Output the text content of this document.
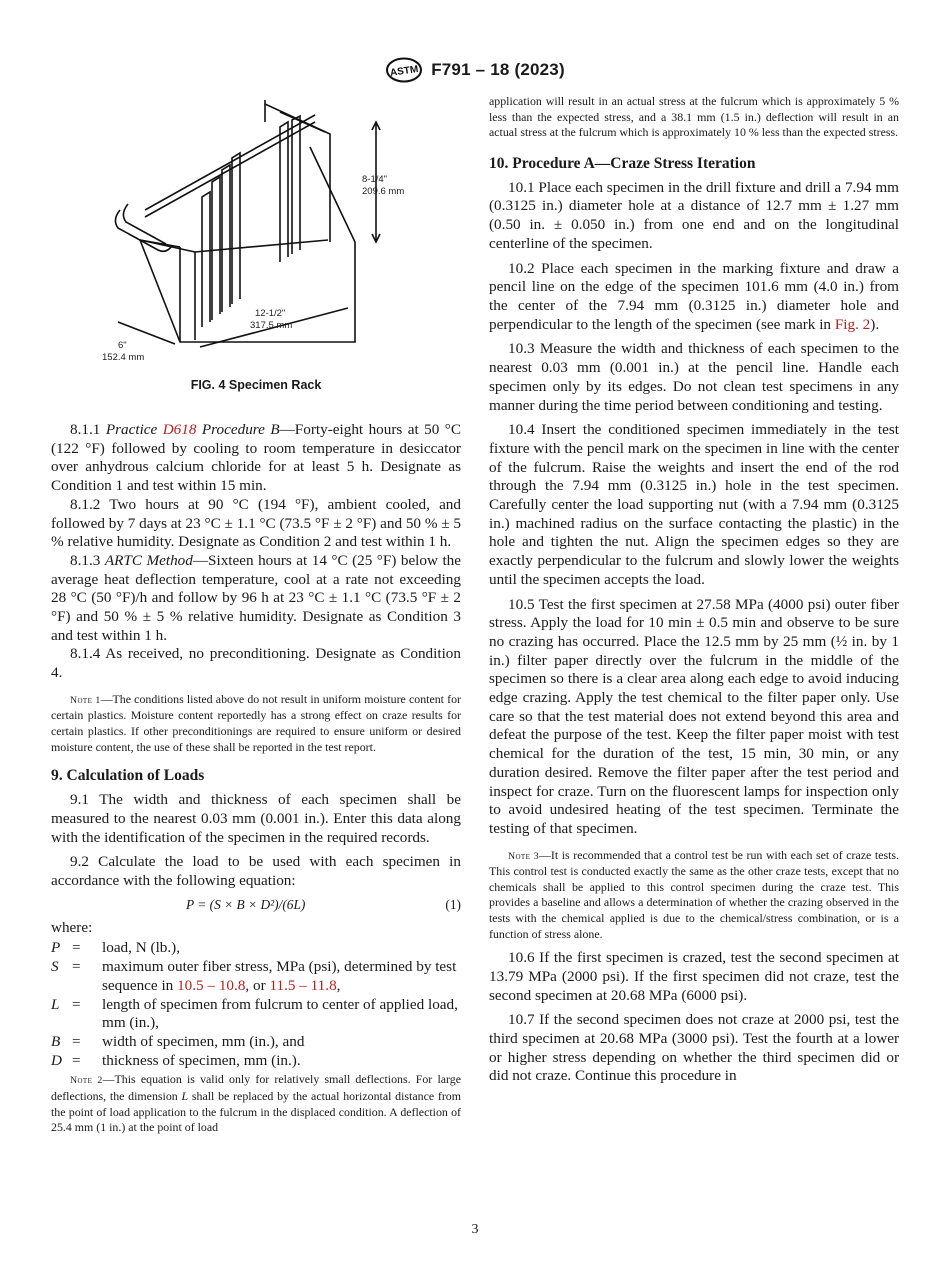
ASTM F791 – 18 (2023)
8-1/4"
209.6 mm
12-1/2"
317.5 mm
6"
152.4 mm
FIG. 4 Specimen Rack

8.1.1 Practice D618 Procedure B—Forty-eight hours at 50 °C (122 °F) followed by cooling to room temperature in desiccator over anhydrous calcium chloride for at least 5 h. Designate as Condition 1 and test within 15 min.

8.1.2 Two hours at 90 °C (194 °F), ambient cooled, and followed by 7 days at 23 °C ± 1.1 °C (73.5 °F ± 2 °F) and 50 % ± 5 % relative humidity. Designate as Condition 2 and test within 1 h.

8.1.3 ARTC Method—Sixteen hours at 14 °C (25 °F) below the average heat deflection temperature, cool at a rate not exceeding 28 °C (50 °F)/h and follow by 96 h at 23 °C ± 1.1 °C (73.5 °F ± 2 °F) and 50 % ± 5 % relative humidity. Designate as Condition 3 and test within 1 h.

8.1.4 As received, no preconditioning. Designate as Condition 4.

Note 1—The conditions listed above do not result in uniform moisture content for certain plastics. Moisture content reportedly has a strong effect on craze results for certain plastics. If other preconditionings are required to ensure uniform or desired moisture content, the use of these shall be reported in the test report.

9. Calculation of Loads

9.1 The width and thickness of each specimen shall be measured to the nearest 0.03 mm (0.001 in.). Enter this data along with the identification of the specimen in the required records.

9.2 Calculate the load to be used with each specimen in accordance with the following equation:

P = (S × B × D²)/(6L)	(1)

where:

P =	load, N (lb.),
S =	maximum outer fiber stress, MPa (psi), determined by test sequence in 10.5 – 10.8, or 11.5 – 11.8,
L =	length of specimen from fulcrum to center of applied load, mm (in.),
B =	width of specimen, mm (in.), and
D =	thickness of specimen, mm (in.).

Note 2—This equation is valid only for relatively small deflections. For large deflections, the dimension L shall be replaced by the actual horizontal distance from the point of load application to the fulcrum in the displaced condition. A deflection of 25.4 mm (1 in.) at the point of load

application will result in an actual stress at the fulcrum which is approximately 5 % less than the expected stress, and a 38.1 mm (1.5 in.) deflection will result in an actual stress at the fulcrum which is approximately 10 % less than the expected stress.

10. Procedure A—Craze Stress Iteration

10.1 Place each specimen in the drill fixture and drill a 7.94 mm (0.3125 in.) diameter hole at a distance of 12.7 mm ± 1.27 mm (0.50 in. ± 0.050 in.) from one end and on the longitudinal centerline of the specimen.

10.2 Place each specimen in the marking fixture and draw a pencil line on the edge of the specimen 101.6 mm (4.0 in.) from the center of the 7.94 mm (0.3125 in.) diameter hole and perpendicular to the length of the specimen (see mark in Fig. 2).

10.3 Measure the width and thickness of each specimen to the nearest 0.03 mm (0.001 in.) at the pencil line. Handle each specimen only by its edges. Do not clean test specimens in any manner during the time period between conditioning and testing.

10.4 Insert the conditioned specimen immediately in the test fixture with the pencil mark on the specimen in line with the center of the fulcrum. Raise the weights and insert the end of the rod through the 7.94 mm (0.3125 in.) hole in the test specimen. Carefully center the load supporting nut (with a 7.94 mm (0.3125 in.) machined radius on the surface contacting the plastic) in the hole and tighten the nut. Align the specimen edges so they are exactly perpendicular to the fulcrum and slowly lower the weights until the specimen accepts the load.

10.5 Test the first specimen at 27.58 MPa (4000 psi) outer fiber stress. Apply the load for 10 min ± 0.5 min and observe to be sure no crazing has occurred. Place the 12.5 mm by 25 mm (½ in. by 1 in.) filter paper directly over the fulcrum in the middle of the specimen so there is a clear area along each edge to avoid inducing edge crazing. Apply the test chemical to the filter paper only. Use care so that the test material does not extend beyond this area and defeat the purpose of the test. Keep the filter paper moist with test chemical for the duration of the test, 15 min, 30 min, or any duration desired. Remove the filter paper after the test period and inspect for craze. Turn on the fluorescent lamps for inspection only to avoid undesired heating of the test specimen. Terminate the testing of that specimen.

Note 3—It is recommended that a control test be run with each set of craze tests. This control test is conducted exactly the same as the other craze tests, except that no chemicals shall be applied to this control specimen during the craze test. This provides a baseline and allows a determination of whether the crazing observed in the tests with the chemical applied is due to the chemical/stress combination, or is a function of stress alone.

10.6 If the first specimen is crazed, test the second specimen at 13.79 MPa (2000 psi). If the first specimen did not craze, test the second specimen at 20.68 MPa (6000 psi).

10.7 If the second specimen does not craze at 2000 psi, test the third specimen at 20.68 MPa (3000 psi). Test the fourth at a lower or higher stress depending on whether the third specimen did or did not craze. Continue this procedure in

3
